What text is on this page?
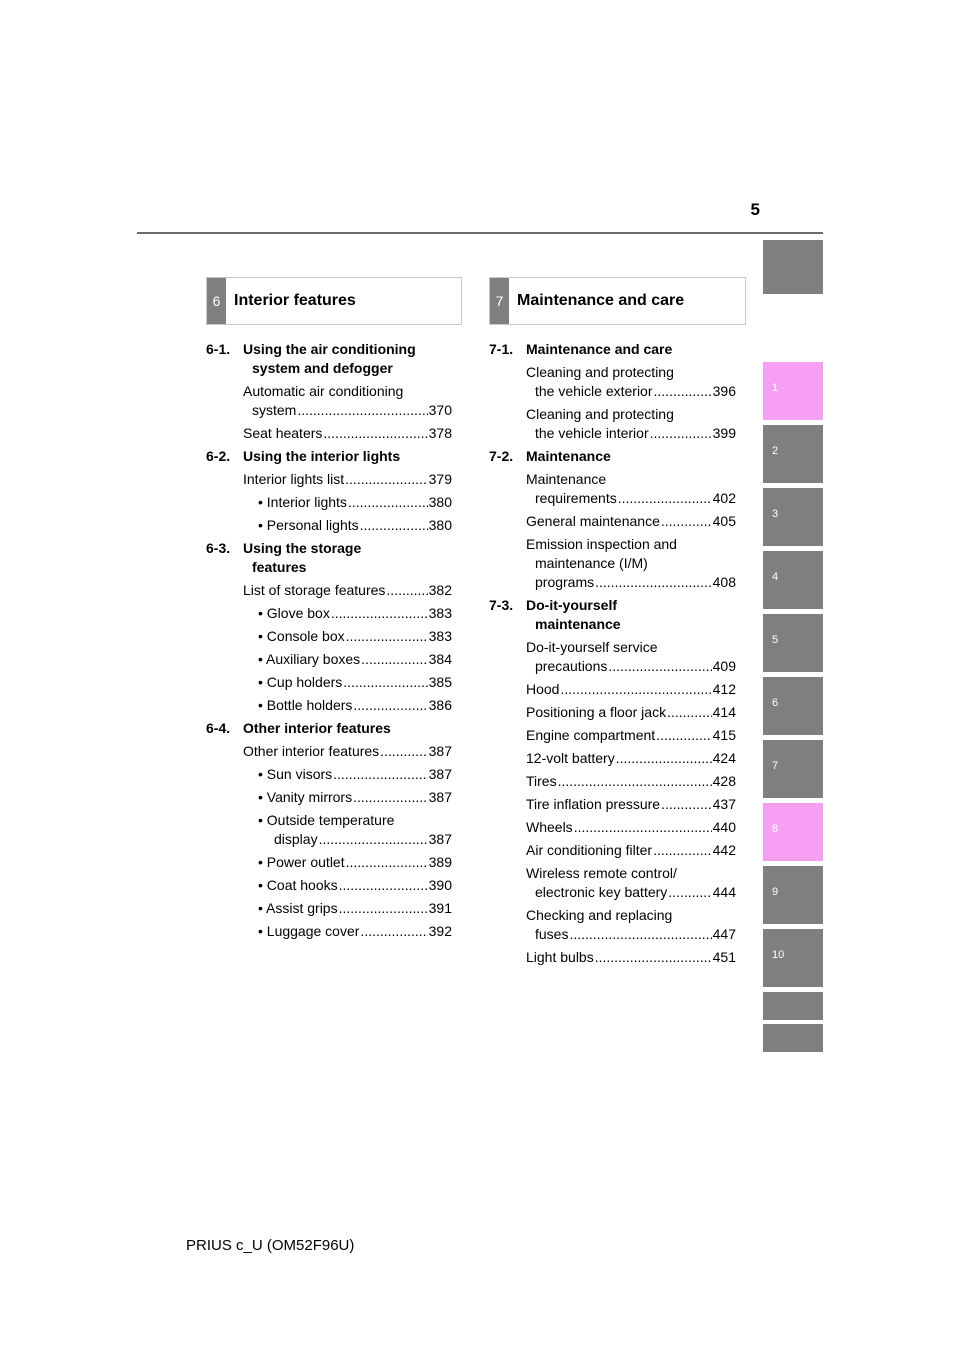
5
1
2
3
4
5
6
7
8
9
10
6 Interior features	7 Maintenance and care
6-1. Using the air conditioning
system and defogger
Automatic air conditioning
system .....	370
Seat heaters .....	378
6-2. Using the interior lights
Interior lights list .....	379
• Interior lights .....	380
• Personal lights .....	380
6-3. Using the storage
features
List of storage features .....	382
• Glove box .....	383
• Console box .....	383
• Auxiliary boxes .....	384
• Cup holders .....	385
• Bottle holders .....	386
6-4. Other interior features
Other interior features .....	387
• Sun visors .....	387
• Vanity mirrors .....	387
• Outside temperature
display .....	387
• Power outlet .....	389
• Coat hooks .....	390
• Assist grips .....	391
• Luggage cover .....	392
7-1. Maintenance and care
Cleaning and protecting
the vehicle exterior .....	396
Cleaning and protecting
the vehicle interior .....	399
7-2. Maintenance
Maintenance
requirements .....	402
General maintenance .....	405
Emission inspection and
maintenance (I/M)
programs .....	408
7-3. Do-it-yourself
maintenance
Do-it-yourself service
precautions .....	409
Hood .....	412
Positioning a floor jack .....	414
Engine compartment .....	415
12-volt battery .....	424
Tires .....	428
Tire inflation pressure .....	437
Wheels .....	440
Air conditioning filter .....	442
Wireless remote control/
electronic key battery .....	444
Checking and replacing
fuses .....	447
Light bulbs .....	451
PRIUS c_U (OM52F96U)
